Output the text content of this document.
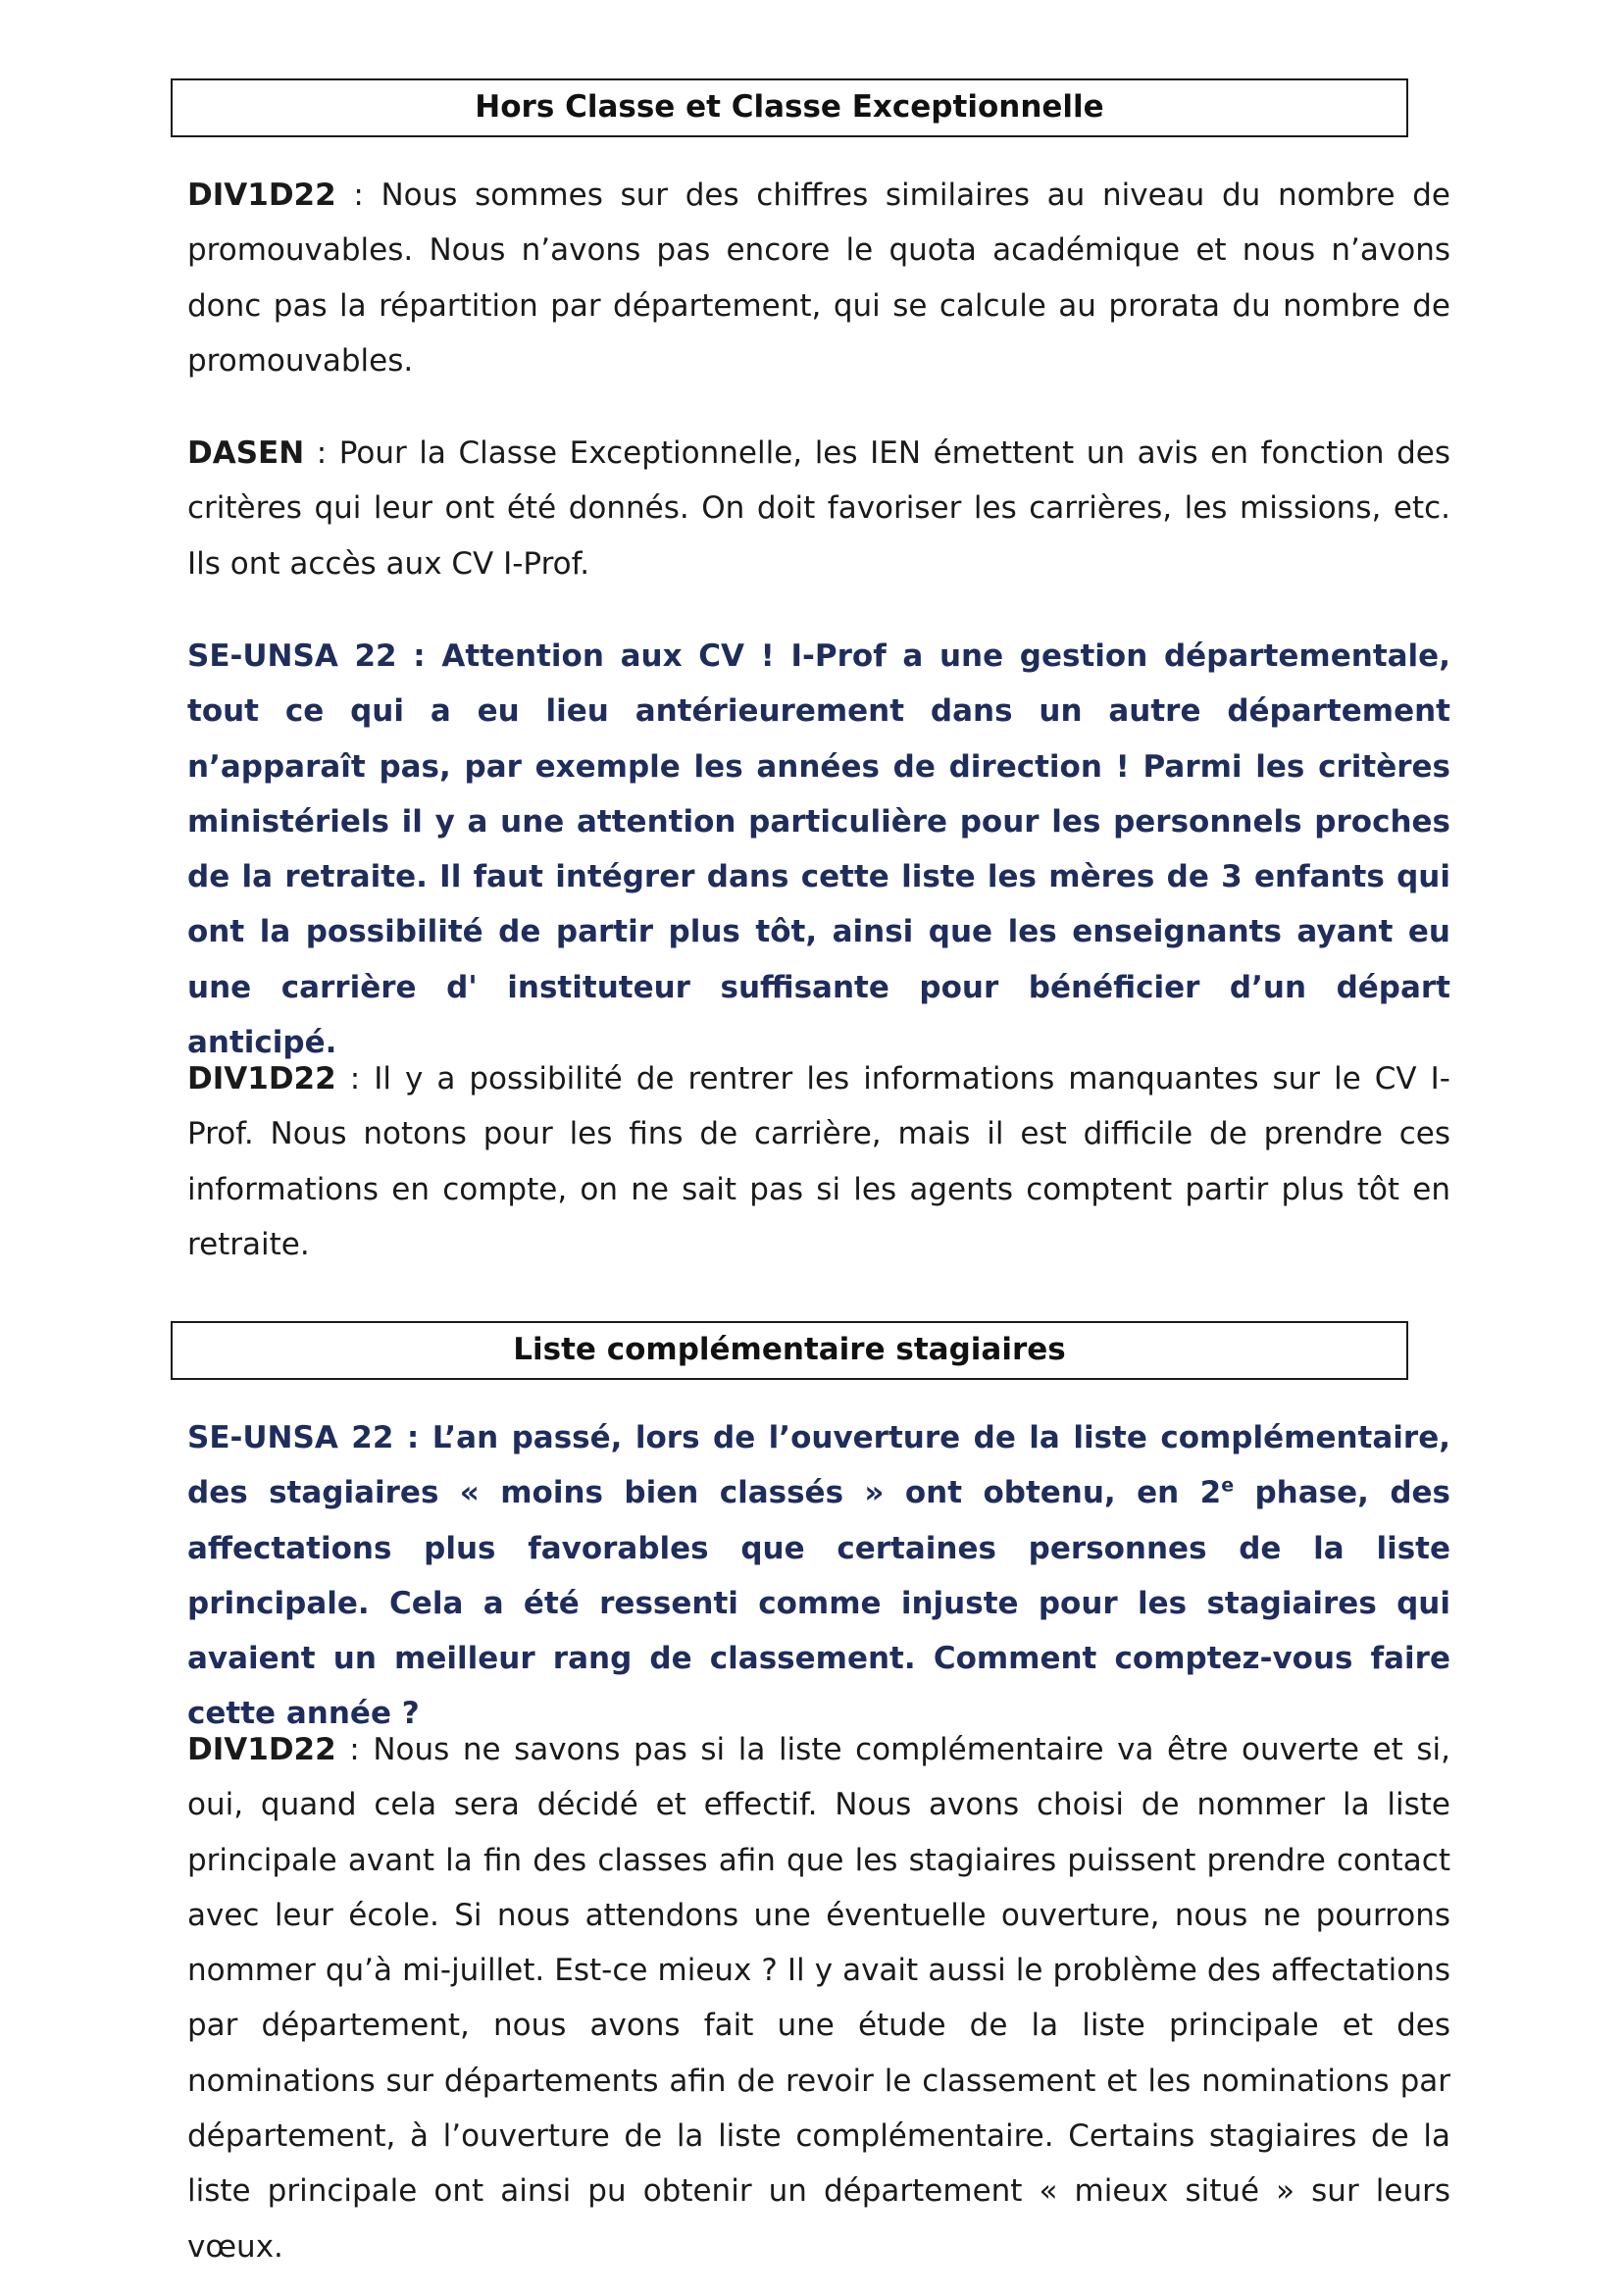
Hors Classe et Classe Exceptionnelle

DIV1D22 : Nous sommes sur des chiffres similaires au niveau du nombre de promouvables. Nous n’avons pas encore le quota académique et nous n’avons donc pas la répartition par département, qui se calcule au prorata du nombre de promouvables.

DASEN : Pour la Classe Exceptionnelle, les IEN émettent un avis en fonction des critères qui leur ont été donnés. On doit favoriser les carrières, les missions, etc. Ils ont accès aux CV I-Prof.

SE-UNSA 22 : Attention aux CV ! I-Prof a une gestion départementale, tout ce qui a eu lieu antérieurement dans un autre département n’apparaît pas, par exemple les années de direction ! Parmi les critères ministériels il y a une attention particulière pour les personnels proches de la retraite. Il faut intégrer dans cette liste les mères de 3 enfants qui ont la possibilité de partir plus tôt, ainsi que les enseignants ayant eu une carrière d' instituteur suffisante pour bénéficier d’un départ anticipé.

DIV1D22 : Il y a possibilité de rentrer les informations manquantes sur le CV I-Prof. Nous notons pour les fins de carrière, mais il est difficile de prendre ces informations en compte, on ne sait pas si les agents comptent partir plus tôt en retraite.

Liste complémentaire stagiaires

SE-UNSA 22 : L’an passé, lors de l’ouverture de la liste complémentaire, des stagiaires « moins bien classés » ont obtenu, en 2e phase, des affectations plus favorables que certaines personnes de la liste principale. Cela a été ressenti comme injuste pour les stagiaires qui avaient un meilleur rang de classement. Comment comptez-vous faire cette année ?

DIV1D22 : Nous ne savons pas si la liste complémentaire va être ouverte et si, oui, quand cela sera décidé et effectif. Nous avons choisi de nommer la liste principale avant la fin des classes afin que les stagiaires puissent prendre contact avec leur école. Si nous attendons une éventuelle ouverture, nous ne pourrons nommer qu’à mi-juillet. Est-ce mieux ? Il y avait aussi le problème des affectations par département, nous avons fait une étude de la liste principale et des nominations sur départements afin de revoir le classement et les nominations par département, à l’ouverture de la liste complémentaire. Certains stagiaires de la liste principale ont ainsi pu obtenir un département « mieux situé » sur leurs vœux.
